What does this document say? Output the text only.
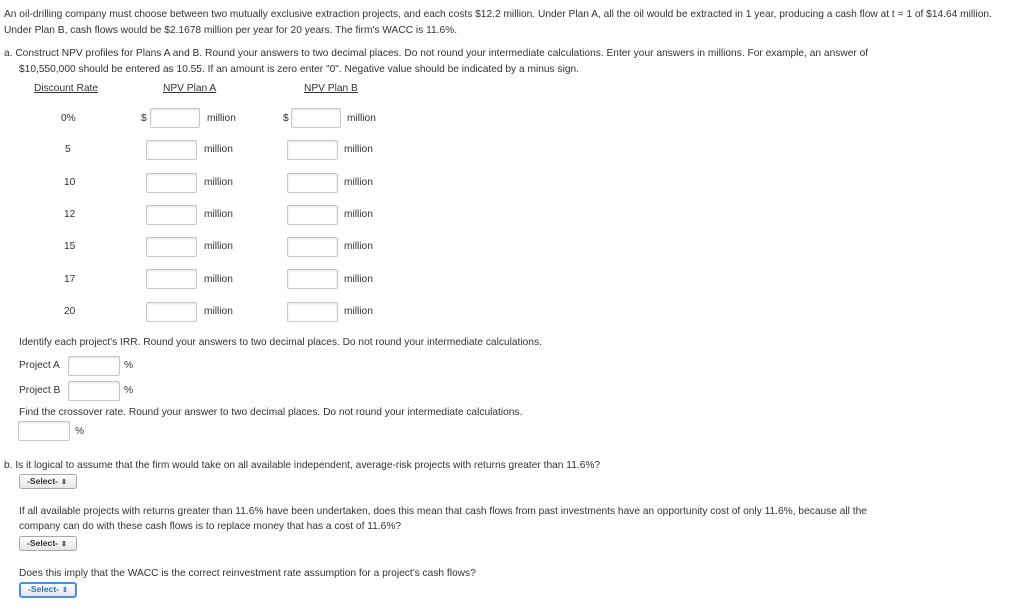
An oil-drilling company must choose between two mutually exclusive extraction projects, and each costs $12.2 million. Under Plan A, all the oil would be extracted in 1 year, producing a cash flow at t = 1 of $14.64 million. Under Plan B, cash flows would be $2.1678 million per year for 20 years. The firm's WACC is 11.6%.
a. Construct NPV profiles for Plans A and B. Round your answers to two decimal places. Do not round your intermediate calculations. Enter your answers in millions. For example, an answer of
$10,550,000 should be entered as 10.55. If an amount is zero enter "0". Negative value should be indicated by a minus sign.
Discount Rate	NPV Plan A	NPV Plan B
0%	$	million	$	million
5	million	million
10	million	million
12	million	million
15	million	million
17	million	million
20	million	million
Identify each project's IRR. Round your answers to two decimal places. Do not round your intermediate calculations.
Project A	%
Project B	%
Find the crossover rate. Round your answer to two decimal places. Do not round your intermediate calculations.
%
b. Is it logical to assume that the firm would take on all available independent, average-risk projects with returns greater than 11.6%?
-Select- ⇕
If all available projects with returns greater than 11.6% have been undertaken, does this mean that cash flows from past investments have an opportunity cost of only 11.6%, because all the
company can do with these cash flows is to replace money that has a cost of 11.6%?
-Select- ⇕
Does this imply that the WACC is the correct reinvestment rate assumption for a project's cash flows?
-Select- ⇕
